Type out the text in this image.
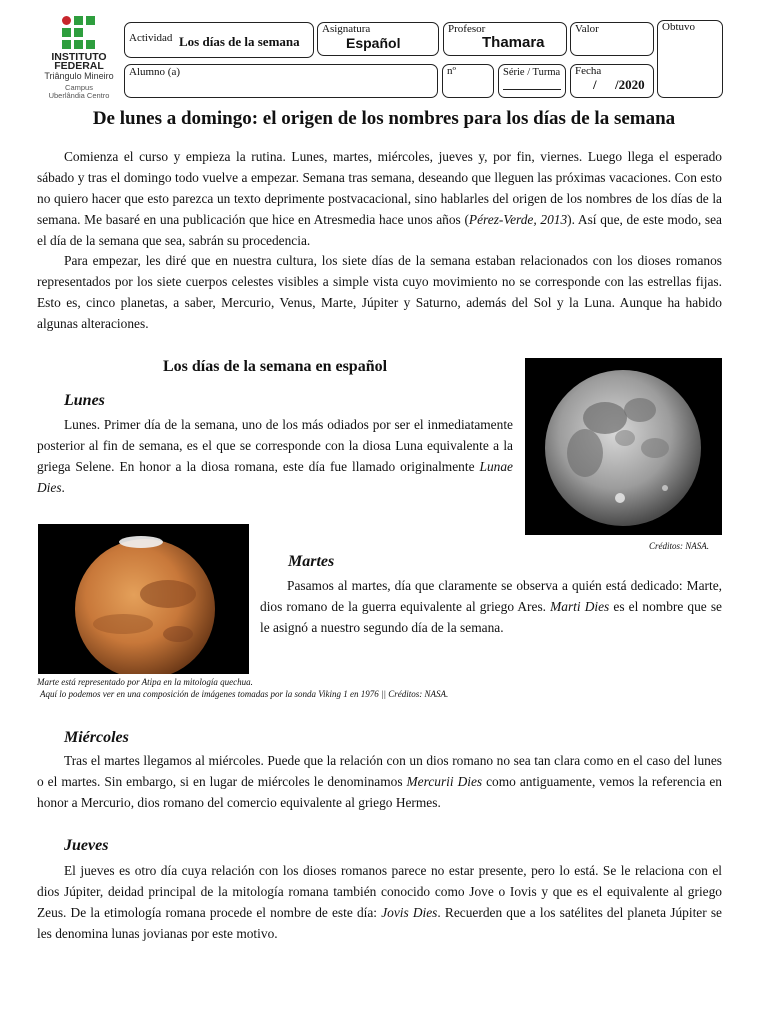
INSTITUTO
FEDERAL
Triângulo Mineiro
Campus
Uberlândia Centro
Actividad Los días de la semana
Asignatura
Español
Profesor
Thamara
Valor	Obtuvo
Alumno (a)	nº	Série / Turma Fecha
/ /2020
De lunes a domingo: el origen de los nombres para los días de la semana

Comienza el curso y empieza la rutina. Lunes, martes, miércoles, jueves y, por fin, viernes. Luego llega el esperado sábado y tras el domingo todo vuelve a empezar. Semana tras semana, deseando que lleguen las próximas vacaciones. Con esto no quiero hacer que esto parezca un texto deprimente postvacacional, sino hablarles del origen de los nombres de los días de la semana. Me basaré en una publicación que hice en Atresmedia hace unos años (Pérez-Verde, 2013). Así que, de este modo, sea el día de la semana que sea, sabrán su procedencia.

Para empezar, les diré que en nuestra cultura, los siete días de la semana estaban relacionados con los dioses romanos representados por los siete cuerpos celestes visibles a simple vista cuyo movimiento no se corresponde con las estrellas fijas. Esto es, cinco planetas, a saber, Mercurio, Venus, Marte, Júpiter y Saturno, además del Sol y la Luna. Aunque ha habido algunas alteraciones.

Los días de la semana en español
Lunes

Lunes. Primer día de la semana, uno de los más odiados por ser el inmediatamente posterior al fin de semana, es el que se corresponde con la diosa Luna equivalente a la griega Selene. En honor a la diosa romana, este día fue llamado originalmente Lunae Dies.

Créditos: NASA.
Martes

Pasamos al martes, día que claramente se observa a quién está dedicado: Marte, dios romano de la guerra equivalente al griego Ares. Marti Dies es el nombre que se le asignó a nuestro segundo día de la semana.

Marte está representado por Atipa en la mitología quechua.
Aquí lo podemos ver en una composición de imágenes tomadas por la sonda Viking 1 en 1976 || Créditos: NASA.
Miércoles

Tras el martes llegamos al miércoles. Puede que la relación con un dios romano no sea tan clara como en el caso del lunes o el martes. Sin embargo, si en lugar de miércoles le denominamos Mercurii Dies como antiguamente, vemos la referencia en honor a Mercurio, dios romano del comercio equivalente al griego Hermes.

Jueves

El jueves es otro día cuya relación con los dioses romanos parece no estar presente, pero lo está. Se le relaciona con el dios Júpiter, deidad principal de la mitología romana también conocido como Jove o Iovis y que es el equivalente al griego Zeus. De la etimología romana procede el nombre de este día: Jovis Dies. Recuerden que a los satélites del planeta Júpiter se les denomina lunas jovianas por este motivo.
